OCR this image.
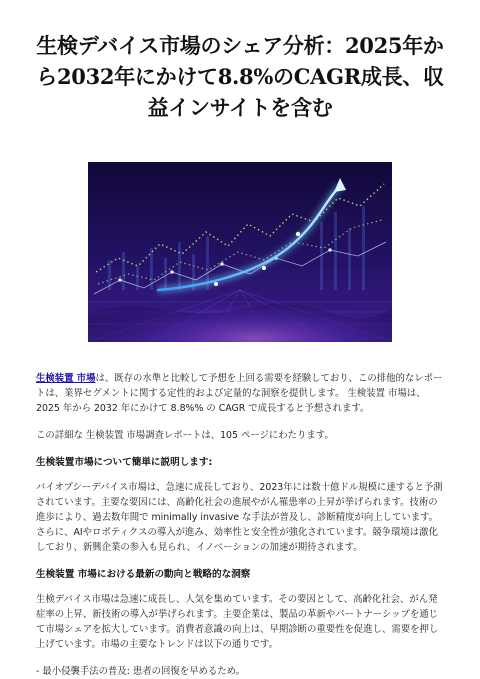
生検デバイス市場のシェア分析：2025年から2032年にかけて8.8%のCAGR成長、収益インサイトを含む

生検装置 市場は、既存の水準と比較して予想を上回る需要を経験しており、この排他的なレポートは、業界セグメントに関する定性的および定量的な洞察を提供します。 生検装置 市場は、2025 年から 2032 年にかけて 8.8%% の CAGR で成長すると予想されます。

この詳細な 生検装置 市場調査レポートは、105 ページにわたります。

生検装置市場について簡単に説明します:

バイオプシーデバイス市場は、急速に成長しており、2023年には数十億ドル規模に達すると予測されています。主要な要因には、高齢化社会の進展やがん罹患率の上昇が挙げられます。技術の進歩により、過去数年間で minimally invasive な手法が普及し、診断精度が向上しています。さらに、AIやロボティクスの導入が進み、効率性と安全性が強化されています。競争環境は激化しており、新興企業の参入も見られ、イノベーションの加速が期待されます。

生検装置 市場における最新の動向と戦略的な洞察

生検デバイス市場は急速に成長し、人気を集めています。その要因として、高齢化社会、がん発症率の上昇、新技術の導入が挙げられます。主要企業は、製品の革新やパートナーシップを通じて市場シェアを拡大しています。消費者意識の向上は、早期診断の重要性を促進し、需要を押し上げています。市場の主要なトレンドは以下の通りです。

- 最小侵襲手法の普及: 患者の回復を早めるため。
